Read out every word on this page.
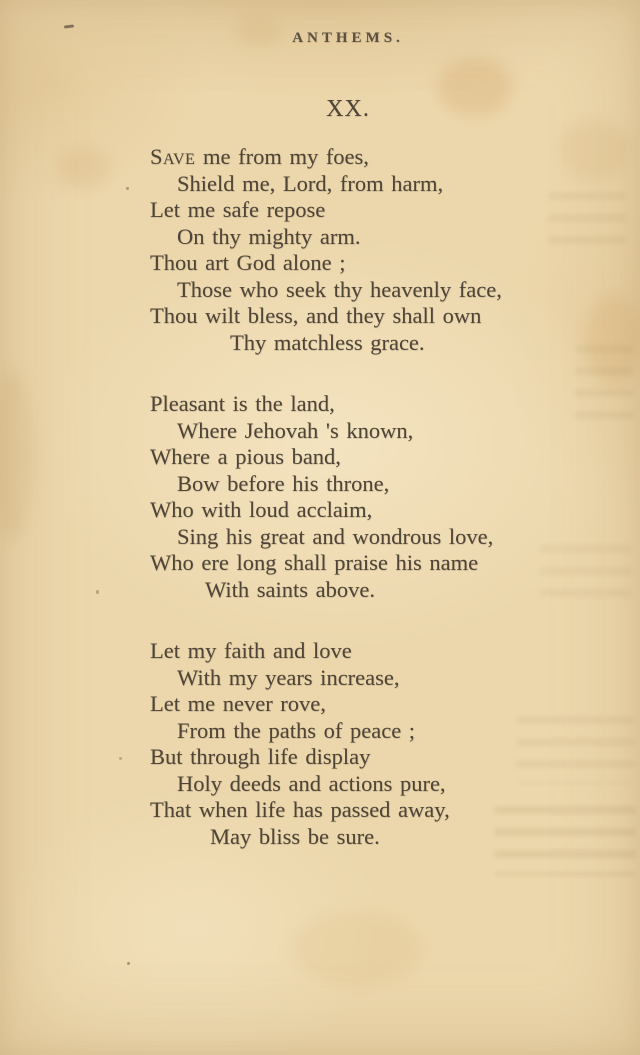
ANTHEMS.
XX.
Save me from my foes,
Shield me, Lord, from harm,
Let me safe repose
On thy mighty arm.
Thou art God alone ;
Those who seek thy heavenly face,
Thou wilt bless, and they shall own
Thy matchless grace.
Pleasant is the land,
Where Jehovah 's known,
Where a pious band,
Bow before his throne,
Who with loud acclaim,
Sing his great and wondrous love,
Who ere long shall praise his name
With saints above.
Let my faith and love
With my years increase,
Let me never rove,
From the paths of peace ;
But through life display
Holy deeds and actions pure,
That when life has passed away,
May bliss be sure.
